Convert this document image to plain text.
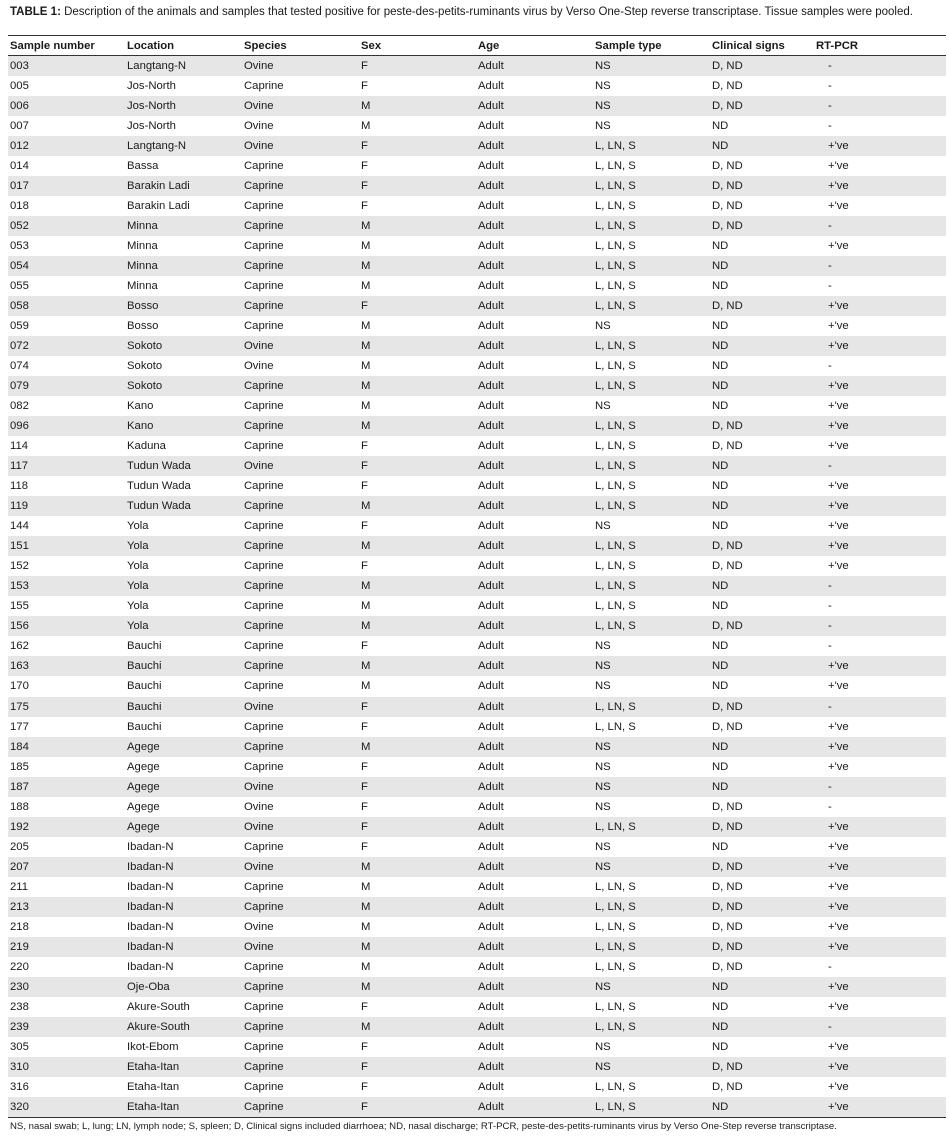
TABLE 1: Description of the animals and samples that tested positive for peste-des-petits-ruminants virus by Verso One-Step reverse transcriptase. Tissue samples were pooled.
Sample number	Location	Species	Sex	Age	Sample type	Clinical signs	RT-PCR
003	Langtang-N	Ovine	F	Adult	NS	D, ND	-
005	Jos-North	Caprine	F	Adult	NS	D, ND	-
006	Jos-North	Ovine	M	Adult	NS	D, ND	-
007	Jos-North	Ovine	M	Adult	NS	ND	-
012	Langtang-N	Ovine	F	Adult	L, LN, S	ND	+'ve
014	Bassa	Caprine	F	Adult	L, LN, S	D, ND	+'ve
017	Barakin Ladi	Caprine	F	Adult	L, LN, S	D, ND	+'ve
018	Barakin Ladi	Caprine	F	Adult	L, LN, S	D, ND	+'ve
052	Minna	Caprine	M	Adult	L, LN, S	D, ND	-
053	Minna	Caprine	M	Adult	L, LN, S	ND	+'ve
054	Minna	Caprine	M	Adult	L, LN, S	ND	-
055	Minna	Caprine	M	Adult	L, LN, S	ND	-
058	Bosso	Caprine	F	Adult	L, LN, S	D, ND	+'ve
059	Bosso	Caprine	M	Adult	NS	ND	+'ve
072	Sokoto	Ovine	M	Adult	L, LN, S	ND	+'ve
074	Sokoto	Ovine	M	Adult	L, LN, S	ND	-
079	Sokoto	Caprine	M	Adult	L, LN, S	ND	+'ve
082	Kano	Caprine	M	Adult	NS	ND	+'ve
096	Kano	Caprine	M	Adult	L, LN, S	D, ND	+'ve
114	Kaduna	Caprine	F	Adult	L, LN, S	D, ND	+'ve
117	Tudun Wada	Ovine	F	Adult	L, LN, S	ND	-
118	Tudun Wada	Caprine	F	Adult	L, LN, S	ND	+'ve
119	Tudun Wada	Caprine	M	Adult	L, LN, S	ND	+'ve
144	Yola	Caprine	F	Adult	NS	ND	+'ve
151	Yola	Caprine	M	Adult	L, LN, S	D, ND	+'ve
152	Yola	Caprine	F	Adult	L, LN, S	D, ND	+'ve
153	Yola	Caprine	M	Adult	L, LN, S	ND	-
155	Yola	Caprine	M	Adult	L, LN, S	ND	-
156	Yola	Caprine	M	Adult	L, LN, S	D, ND	-
162	Bauchi	Caprine	F	Adult	NS	ND	-
163	Bauchi	Caprine	M	Adult	NS	ND	+'ve
170	Bauchi	Caprine	M	Adult	NS	ND	+'ve
175	Bauchi	Ovine	F	Adult	L, LN, S	D, ND	-
177	Bauchi	Caprine	F	Adult	L, LN, S	D, ND	+'ve
184	Agege	Caprine	M	Adult	NS	ND	+'ve
185	Agege	Caprine	F	Adult	NS	ND	+'ve
187	Agege	Ovine	F	Adult	NS	ND	-
188	Agege	Ovine	F	Adult	NS	D, ND	-
192	Agege	Ovine	F	Adult	L, LN, S	D, ND	+'ve
205	Ibadan-N	Caprine	F	Adult	NS	ND	+'ve
207	Ibadan-N	Ovine	M	Adult	NS	D, ND	+'ve
211	Ibadan-N	Caprine	M	Adult	L, LN, S	D, ND	+'ve
213	Ibadan-N	Caprine	M	Adult	L, LN, S	D, ND	+'ve
218	Ibadan-N	Ovine	M	Adult	L, LN, S	D, ND	+'ve
219	Ibadan-N	Ovine	M	Adult	L, LN, S	D, ND	+'ve
220	Ibadan-N	Caprine	M	Adult	L, LN, S	D, ND	-
230	Oje-Oba	Caprine	M	Adult	NS	ND	+'ve
238	Akure-South	Caprine	F	Adult	L, LN, S	ND	+'ve
239	Akure-South	Caprine	M	Adult	L, LN, S	ND	-
305	Ikot-Ebom	Caprine	F	Adult	NS	ND	+'ve
310	Etaha-Itan	Caprine	F	Adult	NS	D, ND	+'ve
316	Etaha-Itan	Caprine	F	Adult	L, LN, S	D, ND	+'ve
320	Etaha-Itan	Caprine	F	Adult	L, LN, S	ND	+'ve
NS, nasal swab; L, lung; LN, lymph node; S, spleen; D, Clinical signs included diarrhoea; ND, nasal discharge; RT-PCR, peste-des-petits-ruminants virus by Verso One-Step reverse transcriptase.
